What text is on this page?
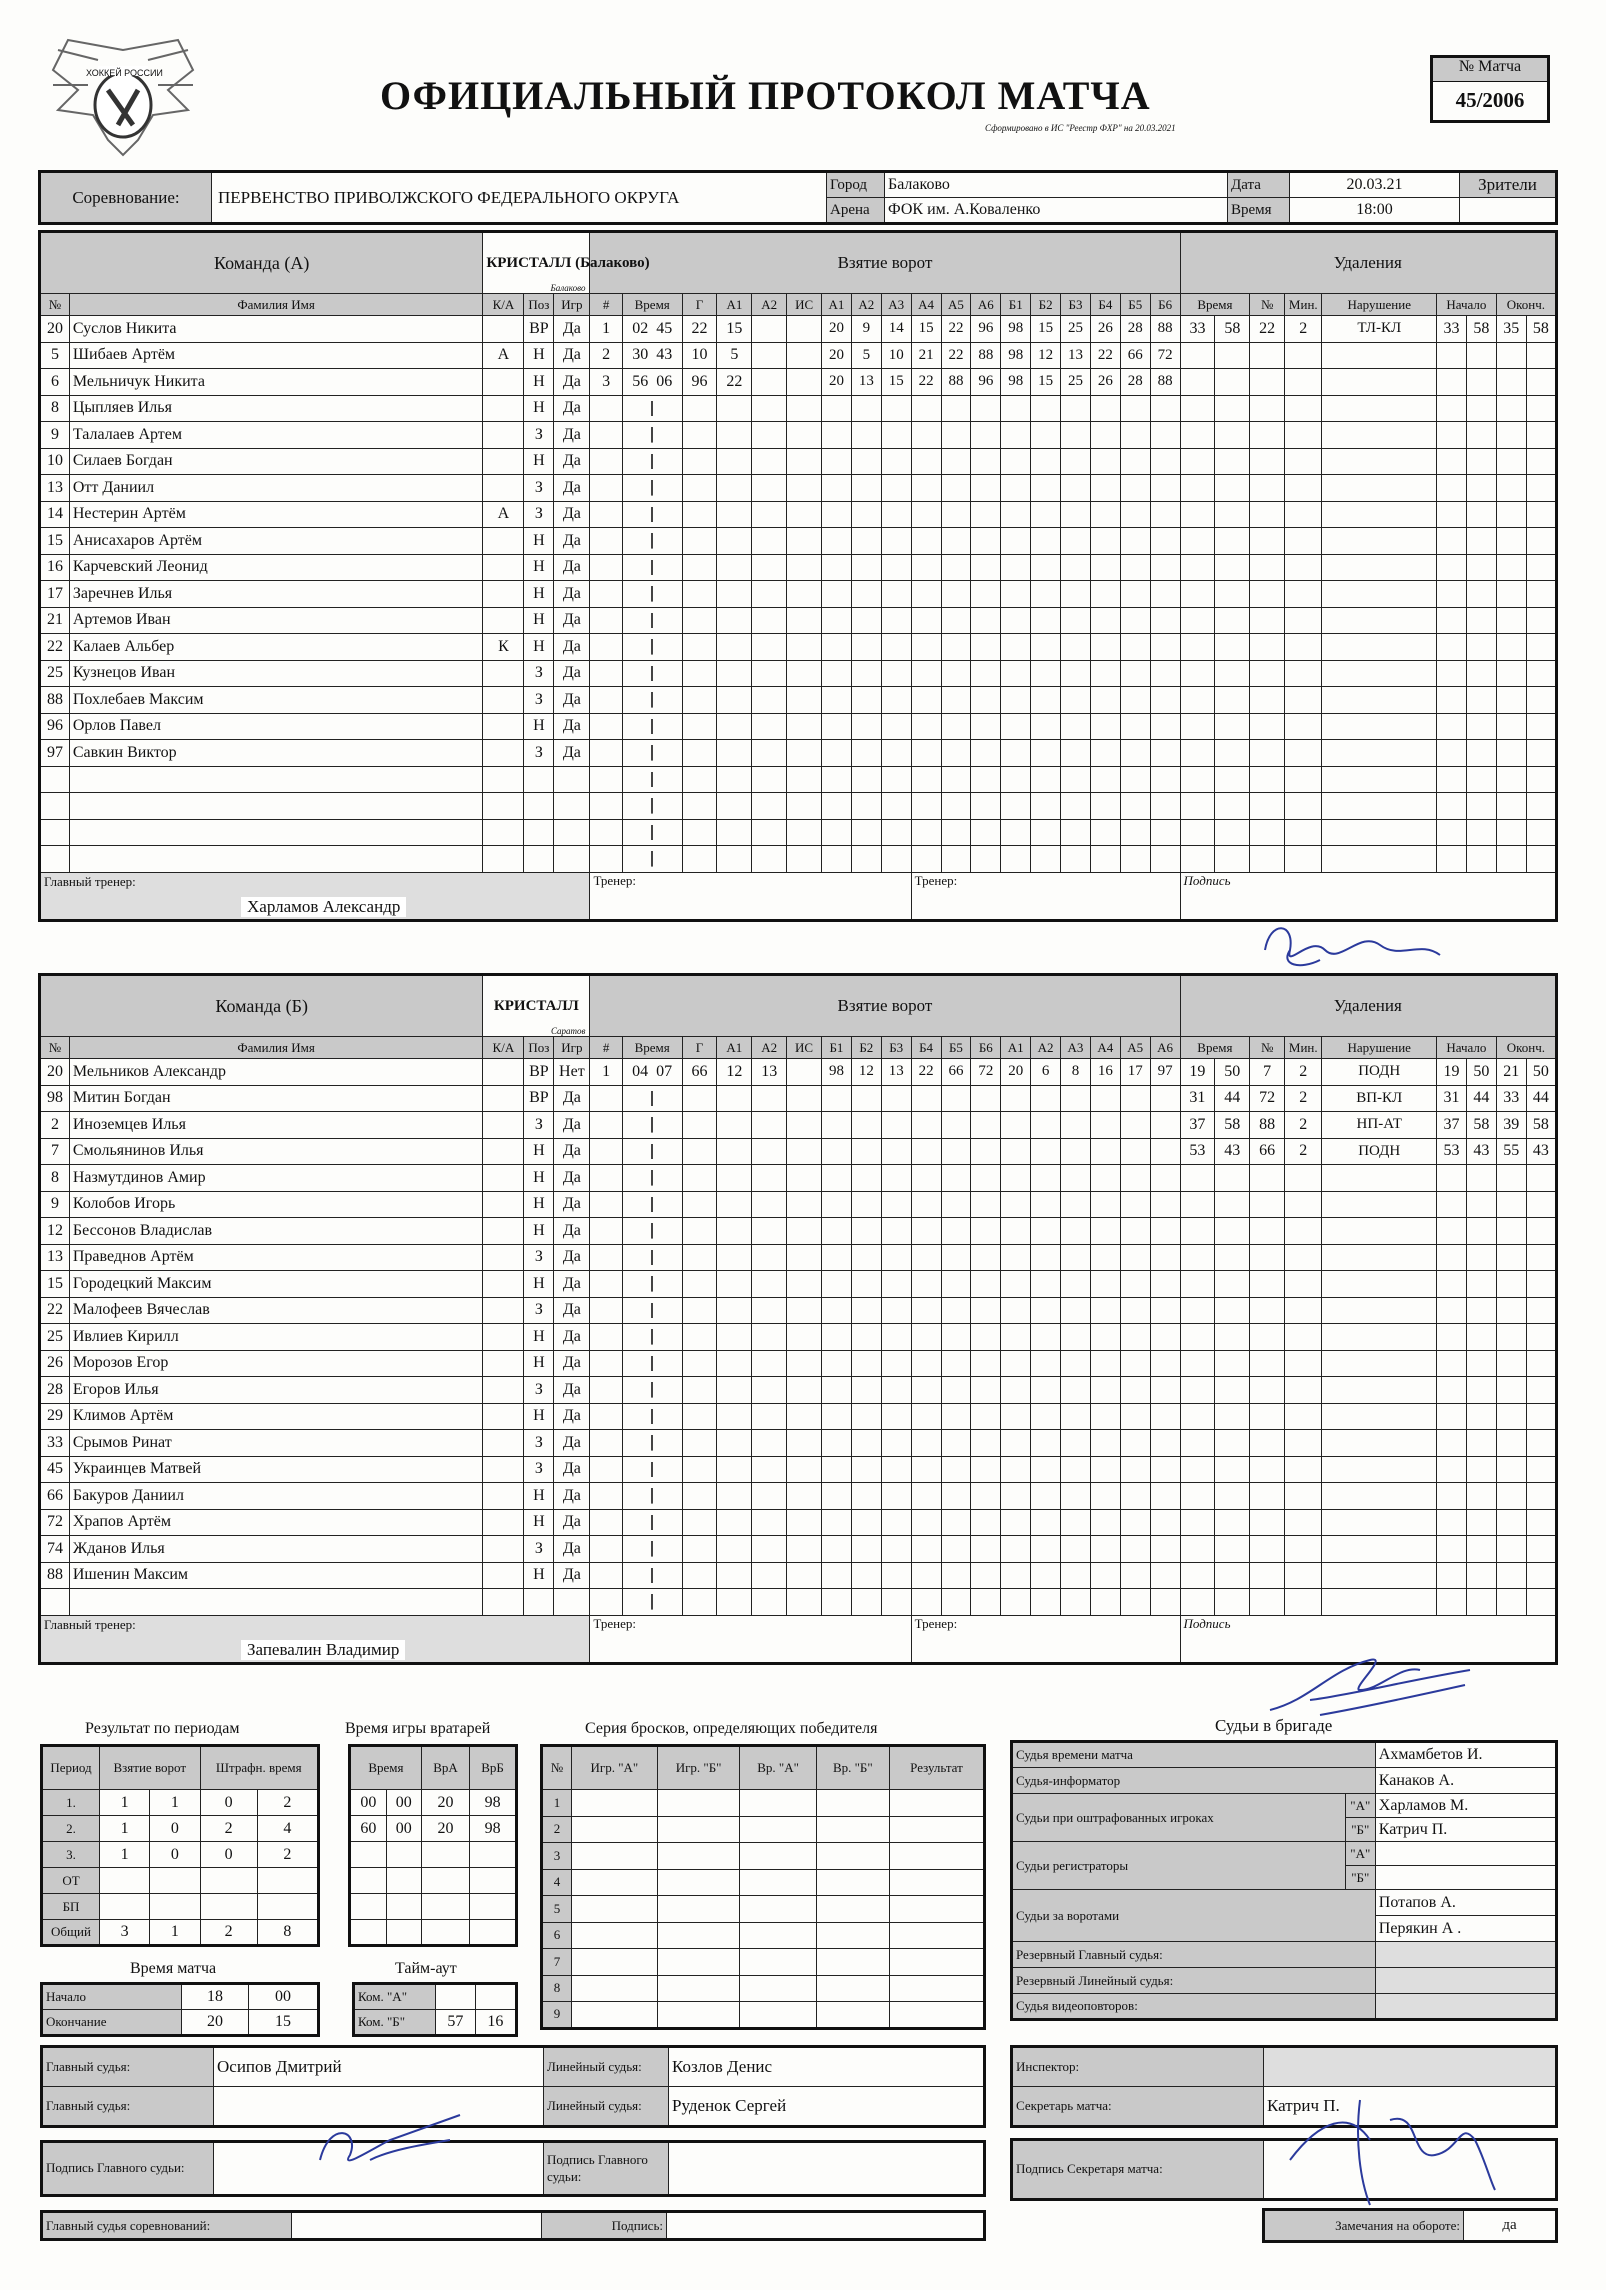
ХОККЕЙ РОССИИ	ОФИЦИАЛЬНЫЙ ПРОТОКОЛ МАТЧА
Сформировано в ИС "Реестр ФХР" на 20.03.2021
№ Матча
45/2006
Соревнование:	ПЕРВЕНСТВО ПРИВОЛЖСКОГО ФЕДЕРАЛЬНОГО ОКРУГА	Город	Балаково	Дата	20.03.21	Зрители
		Арена	ФОК им. А.Коваленко	Время	18:00	
Команда (А)		КРИСТАЛЛ (Балаково)
Балаково			Взятие ворот																		Удаления								
№	Фамилия Имя	К/А	Поз	Игр	#	Время	Г	А1	А2	ИС	А1	А2	А3	А4	А5	А6	Б1	Б2	Б3	Б4	Б5	Б6	Время		№	Мин.	Нарушение	Начало		Оконч.	
20	Суслов Никита		ВР	Да	1	02 45	22	15			20	9	14	15	22	96	98	15	25	26	28	88	33	58	22	2	ТЛ-КЛ	33	58	35	58
5	Шибаев Артём	А	Н	Да	2	30 43	10	5			20	5	10	21	22	88	98	12	13	22	66	72									
6	Мельничук Никита		Н	Да	3	56 06	96	22			20	13	15	22	88	96	98	15	25	26	28	88									
8	Цыпляев Илья		Н	Да																											
9	Талалаев Артем		З	Да																											
10	Силаев Богдан		Н	Да																											
13	Отт Даниил		З	Да																											
14	Нестерин Артём	А	З	Да																											
15	Анисахаров Артём		Н	Да																											
16	Карчевский Леонид		Н	Да																											
17	Заречнев Илья		Н	Да																											
21	Артемов Иван		Н	Да																											
22	Калаев Альбер	К	Н	Да																											
25	Кузнецов Иван		З	Да																											
88	Похлебаев Максим		З	Да																											
96	Орлов Павел		Н	Да																											
97	Савкин Виктор		З	Да																											

Главный тренер:
Харламов Александр					Тренер:									Тренер:									Подпись								
Команда (Б)		КРИСТАЛЛ
Саратов			Взятие ворот																		Удаления								
№	Фамилия Имя	К/А	Поз	Игр	#	Время	Г	А1	А2	ИС	Б1	Б2	Б3	Б4	Б5	Б6	А1	А2	А3	А4	А5	А6	Время		№	Мин.	Нарушение	Начало		Оконч.	
20	Мельников Александр		ВР	Нет	1	04 07	66	12	13		98	12	13	22	66	72	20	6	8	16	17	97	19	50	7	2	ПОДН	19	50	21	50
98	Митин Богдан		ВР	Да																			31	44	72	2	ВП-КЛ	31	44	33	44
2	Иноземцев Илья		З	Да																			37	58	88	2	НП-АТ	37	58	39	58
7	Смольянинов Илья		Н	Да																			53	43	66	2	ПОДН	53	43	55	43
8	Назмутдинов Амир		Н	Да																											
9	Колобов Игорь		Н	Да																											
12	Бессонов Владислав		Н	Да																											
13	Праведнов Артём		З	Да																											
15	Городецкий Максим		Н	Да																											
22	Малофеев Вячеслав		З	Да																											
25	Ивлиев Кирилл		Н	Да																											
26	Морозов Егор		Н	Да																											
28	Егоров Илья		З	Да																											
29	Климов Артём		Н	Да																											
33	Срымов Ринат		З	Да																											
45	Украинцев Матвей		З	Да																											
66	Бакуров Даниил		Н	Да																											
72	Храпов Артём		Н	Да																											
74	Жданов Илья		З	Да																											
88	Ишенин Максим		Н	Да																											

Главный тренер:
Запевалин Владимир					Тренер:									Тренер:									Подпись								
Результат по периодам
Период	Взятие ворот		Штрафн. время	
1.	1	1	0	2
2.	1	0	2	4
3.	1	0	0	2
ОТ				
БП				
Общий	3	1	2	8
Время игры вратарей
Время		ВрА	ВрБ
00	00	20	98
60	00	20	98

Серия бросков, определяющих победителя
№	Игр. "А"	Игр. "Б"	Вр. "А"	Вр. "Б"	Результат
1					
2					
3					
4					
5					
6					
7					
8					
9					
Время матча
Начало	18	00
Окончание	20	15
Тайм-аут
Ком. "А"		
Ком. "Б"	57	16
Судьи в бригаде
Судья времени матча		Ахмамбетов И.
Судья-информатор		Канаков А.
Судьи при оштрафованных игроках	"А"	Харламов М.
	"Б"	Катрич П.
Судьи регистраторы	"А"	
	"Б"	
Судьи за воротами		Потапов А.
		Перякин А .
Резервный Главный судья:		
Резервный Линейный судья:		
Судья видеоповторов:		
Главный судья:	Осипов Дмитрий	Линейный судья:	Козлов Денис
Главный судья:		Линейный судья:	Руденок Сергей
Подпись Главного судьи:		Подпись Главного судьи:	
Главный судья соревнований:		Подпись:	
Инспектор:	
Секретарь матча:	Катрич П.
Подпись Секретаря матча:	
Замечания на обороте:	да
